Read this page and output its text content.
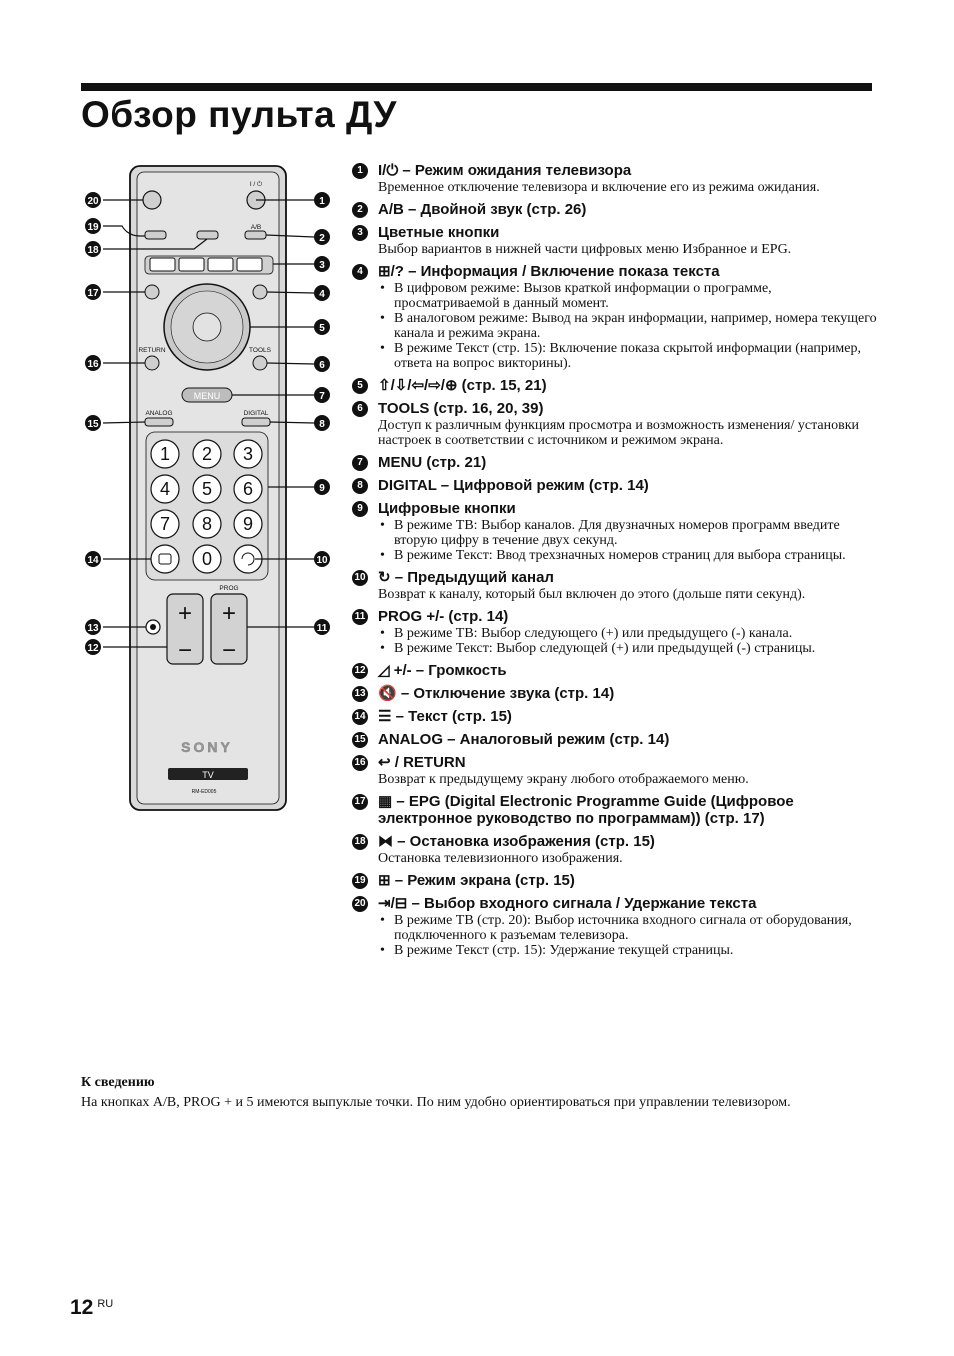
Обзор пульта ДУ
1 2 3
4 5 6
7 8 9
0
+
−
+
−
I / ⏻
A/B
RETURN	TOOLS
ANALOG	DIGITAL
PROG
MENU
SONY
TV
RM-ED005
1
2
3
4
5
6
7
8
9
10
11
12
13
14
15
16
17
18
19
20
1	I/⏻ – Режим ожидания телевизора
Временное отключение телевизора и включение его из режима ожидания.
2	A/B – Двойной звук (стр. 26)
3	Цветные кнопки
Выбор вариантов в нижней части цифровых меню Избранное и EPG.
4	⊞/? – Информация / Включение показа текста
• В цифровом режиме: Вызов краткой информации о программе, просматриваемой в данный момент.
• В аналоговом режиме: Вывод на экран информации, например, номера текущего канала и режима экрана.
• В режиме Текст (стр. 15): Включение показа скрытой информации (например, ответа на вопрос викторины).
5	⇧/⇩/⇦/⇨/⊕ (стр. 15, 21)
6	TOOLS (стр. 16, 20, 39)
Доступ к различным функциям просмотра и возможность изменения/ установки настроек в соответствии с источником и режимом экрана.
7	MENU (стр. 21)
8	DIGITAL – Цифровой режим (стр. 14)
9	Цифровые кнопки
• В режиме ТВ: Выбор каналов. Для двузначных номеров программ введите вторую цифру в течение двух секунд.
• В режиме Текст: Ввод трехзначных номеров страниц для выбора страницы.
10 ↻ – Предыдущий канал
Возврат к каналу, который был включен до этого (дольше пяти секунд).
11 PROG +/- (стр. 14)
• В режиме ТВ: Выбор следующего (+) или предыдущего (-) канала.
• В режиме Текст: Выбор следующей (+) или предыдущей (-) страницы.
12 ◿ +/- – Громкость
13 🔇 – Отключение звука (стр. 14)
14 ☰ – Текст (стр. 15)
15 ANALOG – Аналоговый режим (стр. 14)
16 ↩ / RETURN
Возврат к предыдущему экрану любого отображаемого меню.
17 ▦ – EPG (Digital Electronic Programme Guide (Цифровое электронное руководство по программам)) (стр. 17)
18 ⧓ – Остановка изображения (стр. 15)
Остановка телевизионного изображения.
19 ⊞ – Режим экрана (стр. 15)
20 ⇥/⊟ – Выбор входного сигнала / Удержание текста
• В режиме ТВ (стр. 20): Выбор источника входного сигнала от оборудования, подключенного к разъемам телевизора.
• В режиме Текст (стр. 15): Удержание текущей страницы.
К сведению
На кнопках A/B, PROG + и 5 имеются выпуклые точки. По ним удобно ориентироваться при управлении телевизором.
12 $^{RU}$
